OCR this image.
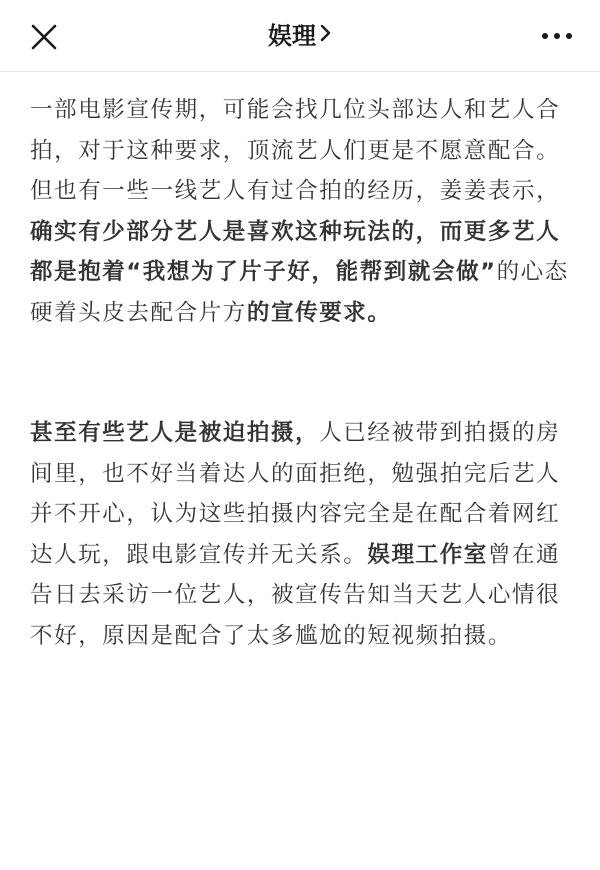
娱理

一部电影宣传期，可能会找几位头部达人和艺人合拍，对于这种要求，顶流艺人们更是不愿意配合。但也有一些一线艺人有过合拍的经历，姜姜表示，确实有少部分艺人是喜欢这种玩法的，而更多艺人都是抱着“我想为了片子好，能帮到就会做”的心态硬着头皮去配合片方的宣传要求。

甚至有些艺人是被迫拍摄，人已经被带到拍摄的房间里，也不好当着达人的面拒绝，勉强拍完后艺人并不开心，认为这些拍摄内容完全是在配合着网红达人玩，跟电影宣传并无关系。娱理工作室曾在通告日去采访一位艺人，被宣传告知当天艺人心情很不好，原因是配合了太多尴尬的短视频拍摄。
